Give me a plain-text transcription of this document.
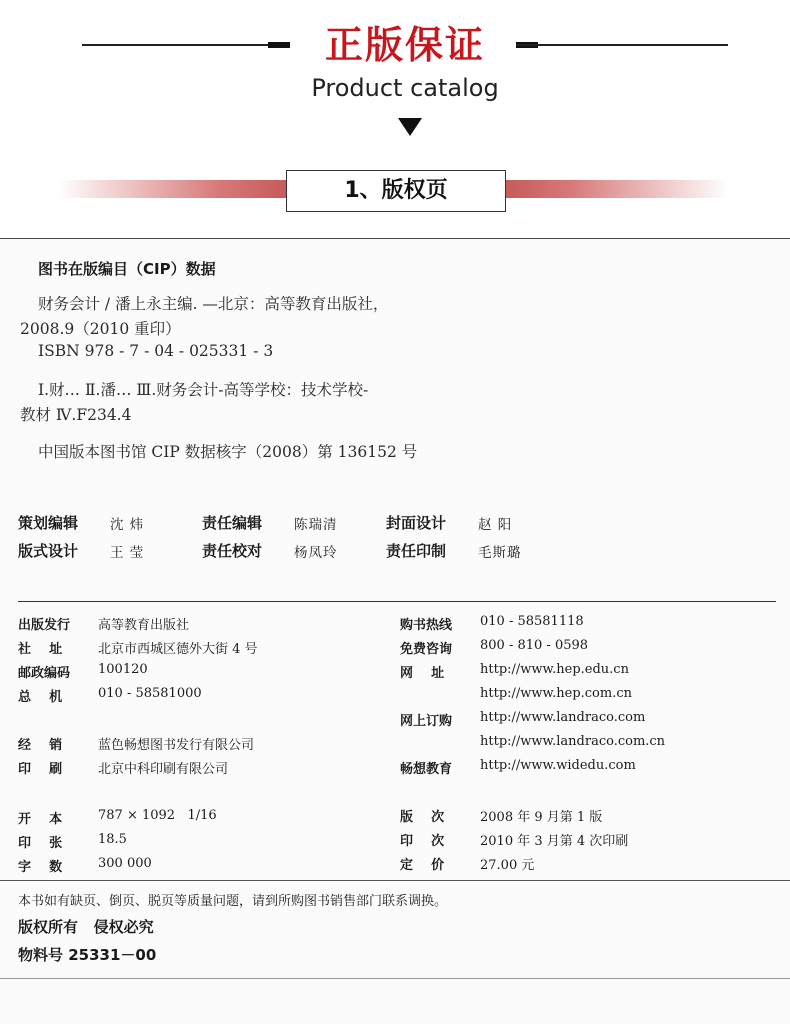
正版保证
Product catalog
1、版权页
图书在版编目（CIP）数据
财务会计 / 潘上永主编. —北京：高等教育出版社，
2008.9（2010 重印）
ISBN 978 - 7 - 04 - 025331 - 3
Ⅰ.财… Ⅱ.潘… Ⅲ.财务会计-高等学校：技术学校-
教材 Ⅳ.F234.4
中国版本图书馆 CIP 数据核字（2008）第 136152 号
策划编辑 沈 炜	责任编辑 陈瑞清	封面设计 赵 阳
版式设计 王 莹	责任校对 杨凤玲	责任印制 毛斯璐
出版发行 高等教育出版社
社    址	北京市西城区德外大街 4 号
邮政编码 100120
总    机	010 - 58581000
经    销	蓝色畅想图书发行有限公司
印    刷	北京中科印刷有限公司
购书热线 010 - 58581118
免费咨询 800 - 810 - 0598
网    址	http://www.hep.edu.cn
http://www.hep.com.cn
网上订购 http://www.landraco.com
http://www.landraco.com.cn
畅想教育 http://www.widedu.com
开    本	787 × 1092   1/16
印    张	18.5
字    数	300 000
版    次	2008 年 9 月第 1 版
印    次	2010 年 3 月第 4 次印刷
定    价	27.00 元
本书如有缺页、倒页、脱页等质量问题，请到所购图书销售部门联系调换。
版权所有   侵权必究
物料号 25331－00
